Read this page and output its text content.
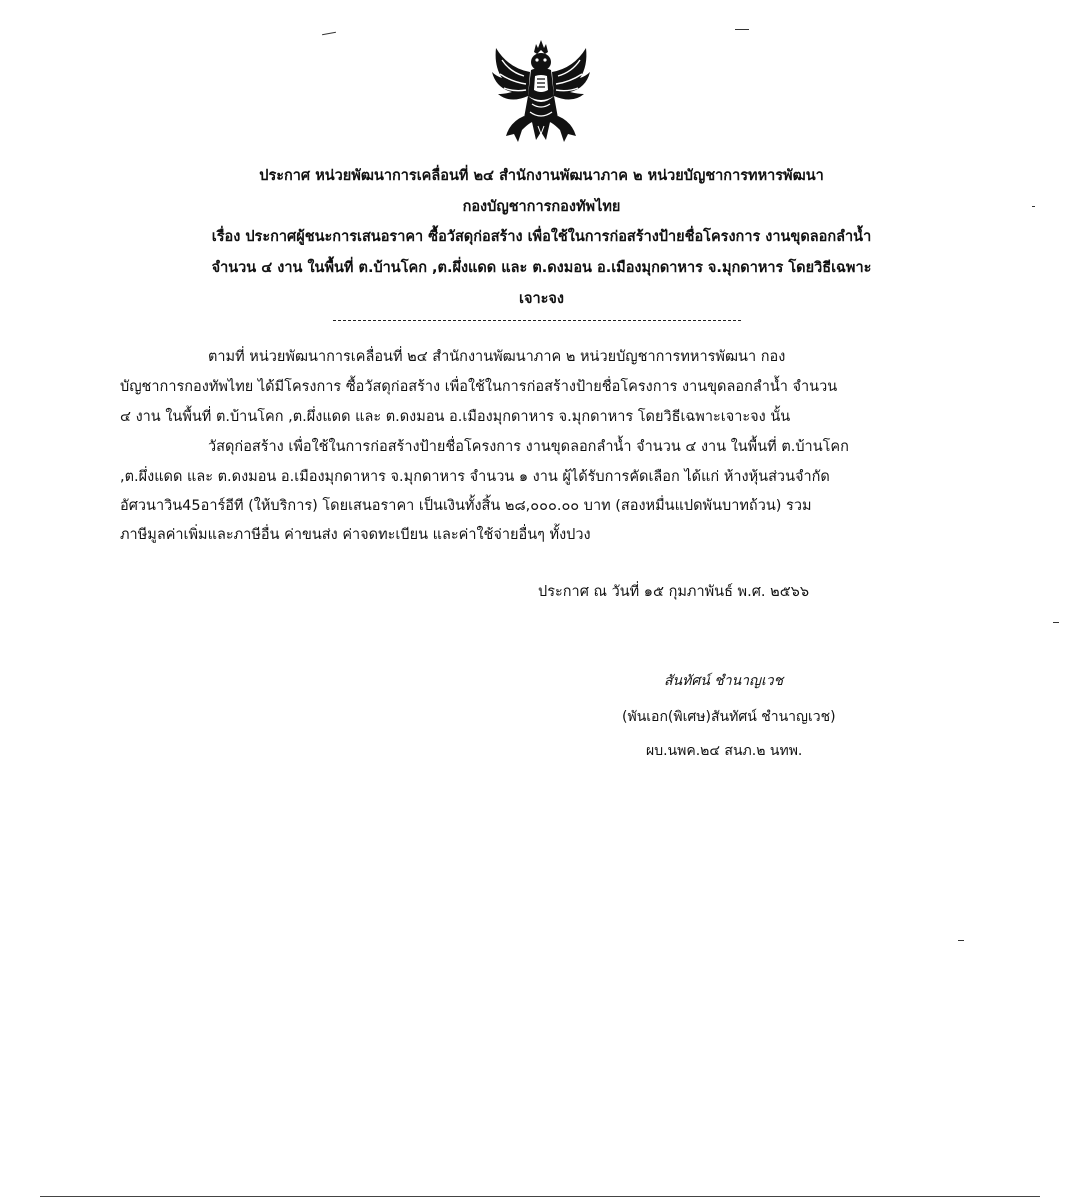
ประกาศ หน่วยพัฒนาการเคลื่อนที่ ๒๔ สำนักงานพัฒนาภาค ๒ หน่วยบัญชาการทหารพัฒนา
กองบัญชาการกองทัพไทย
เรื่อง ประกาศผู้ชนะการเสนอราคา ซื้อวัสดุก่อสร้าง เพื่อใช้ในการก่อสร้างป้ายชื่อโครงการ งานขุดลอกลำน้ำ
จำนวน ๔ งาน ในพื้นที่ ต.บ้านโคก ,ต.ผึ่งแดด และ ต.ดงมอน อ.เมืองมุกดาหาร จ.มุกดาหาร โดยวิธีเฉพาะ
เจาะจง
ตามที่ หน่วยพัฒนาการเคลื่อนที่ ๒๔ สำนักงานพัฒนาภาค ๒ หน่วยบัญชาการทหารพัฒนา กอง
บัญชาการกองทัพไทย ได้มีโครงการ ซื้อวัสดุก่อสร้าง เพื่อใช้ในการก่อสร้างป้ายชื่อโครงการ งานขุดลอกลำน้ำ จำนวน
๔ งาน ในพื้นที่ ต.บ้านโคก ,ต.ผึ่งแดด และ ต.ดงมอน อ.เมืองมุกดาหาร จ.มุกดาหาร โดยวิธีเฉพาะเจาะจง นั้น
วัสดุก่อสร้าง เพื่อใช้ในการก่อสร้างป้ายชื่อโครงการ งานขุดลอกลำน้ำ จำนวน ๔ งาน ในพื้นที่ ต.บ้านโคก
,ต.ผึ่งแดด และ ต.ดงมอน อ.เมืองมุกดาหาร จ.มุกดาหาร จำนวน ๑ งาน ผู้ได้รับการคัดเลือก ได้แก่ ห้างหุ้นส่วนจำกัด
อัศวนาวิน45อาร์อีที (ให้บริการ) โดยเสนอราคา เป็นเงินทั้งสิ้น ๒๘,๐๐๐.๐๐ บาท (สองหมื่นแปดพันบาทถ้วน) รวม
ภาษีมูลค่าเพิ่มและภาษีอื่น ค่าขนส่ง ค่าจดทะเบียน และค่าใช้จ่ายอื่นๆ ทั้งปวง
ประกาศ ณ วันที่ ๑๕ กุมภาพันธ์ พ.ศ. ๒๕๖๖
สันทัศน์ ชำนาญเวช
(พันเอก(พิเศษ)สันทัศน์ ชำนาญเวช)
ผบ.นพค.๒๔ สนภ.๒ นทพ.
